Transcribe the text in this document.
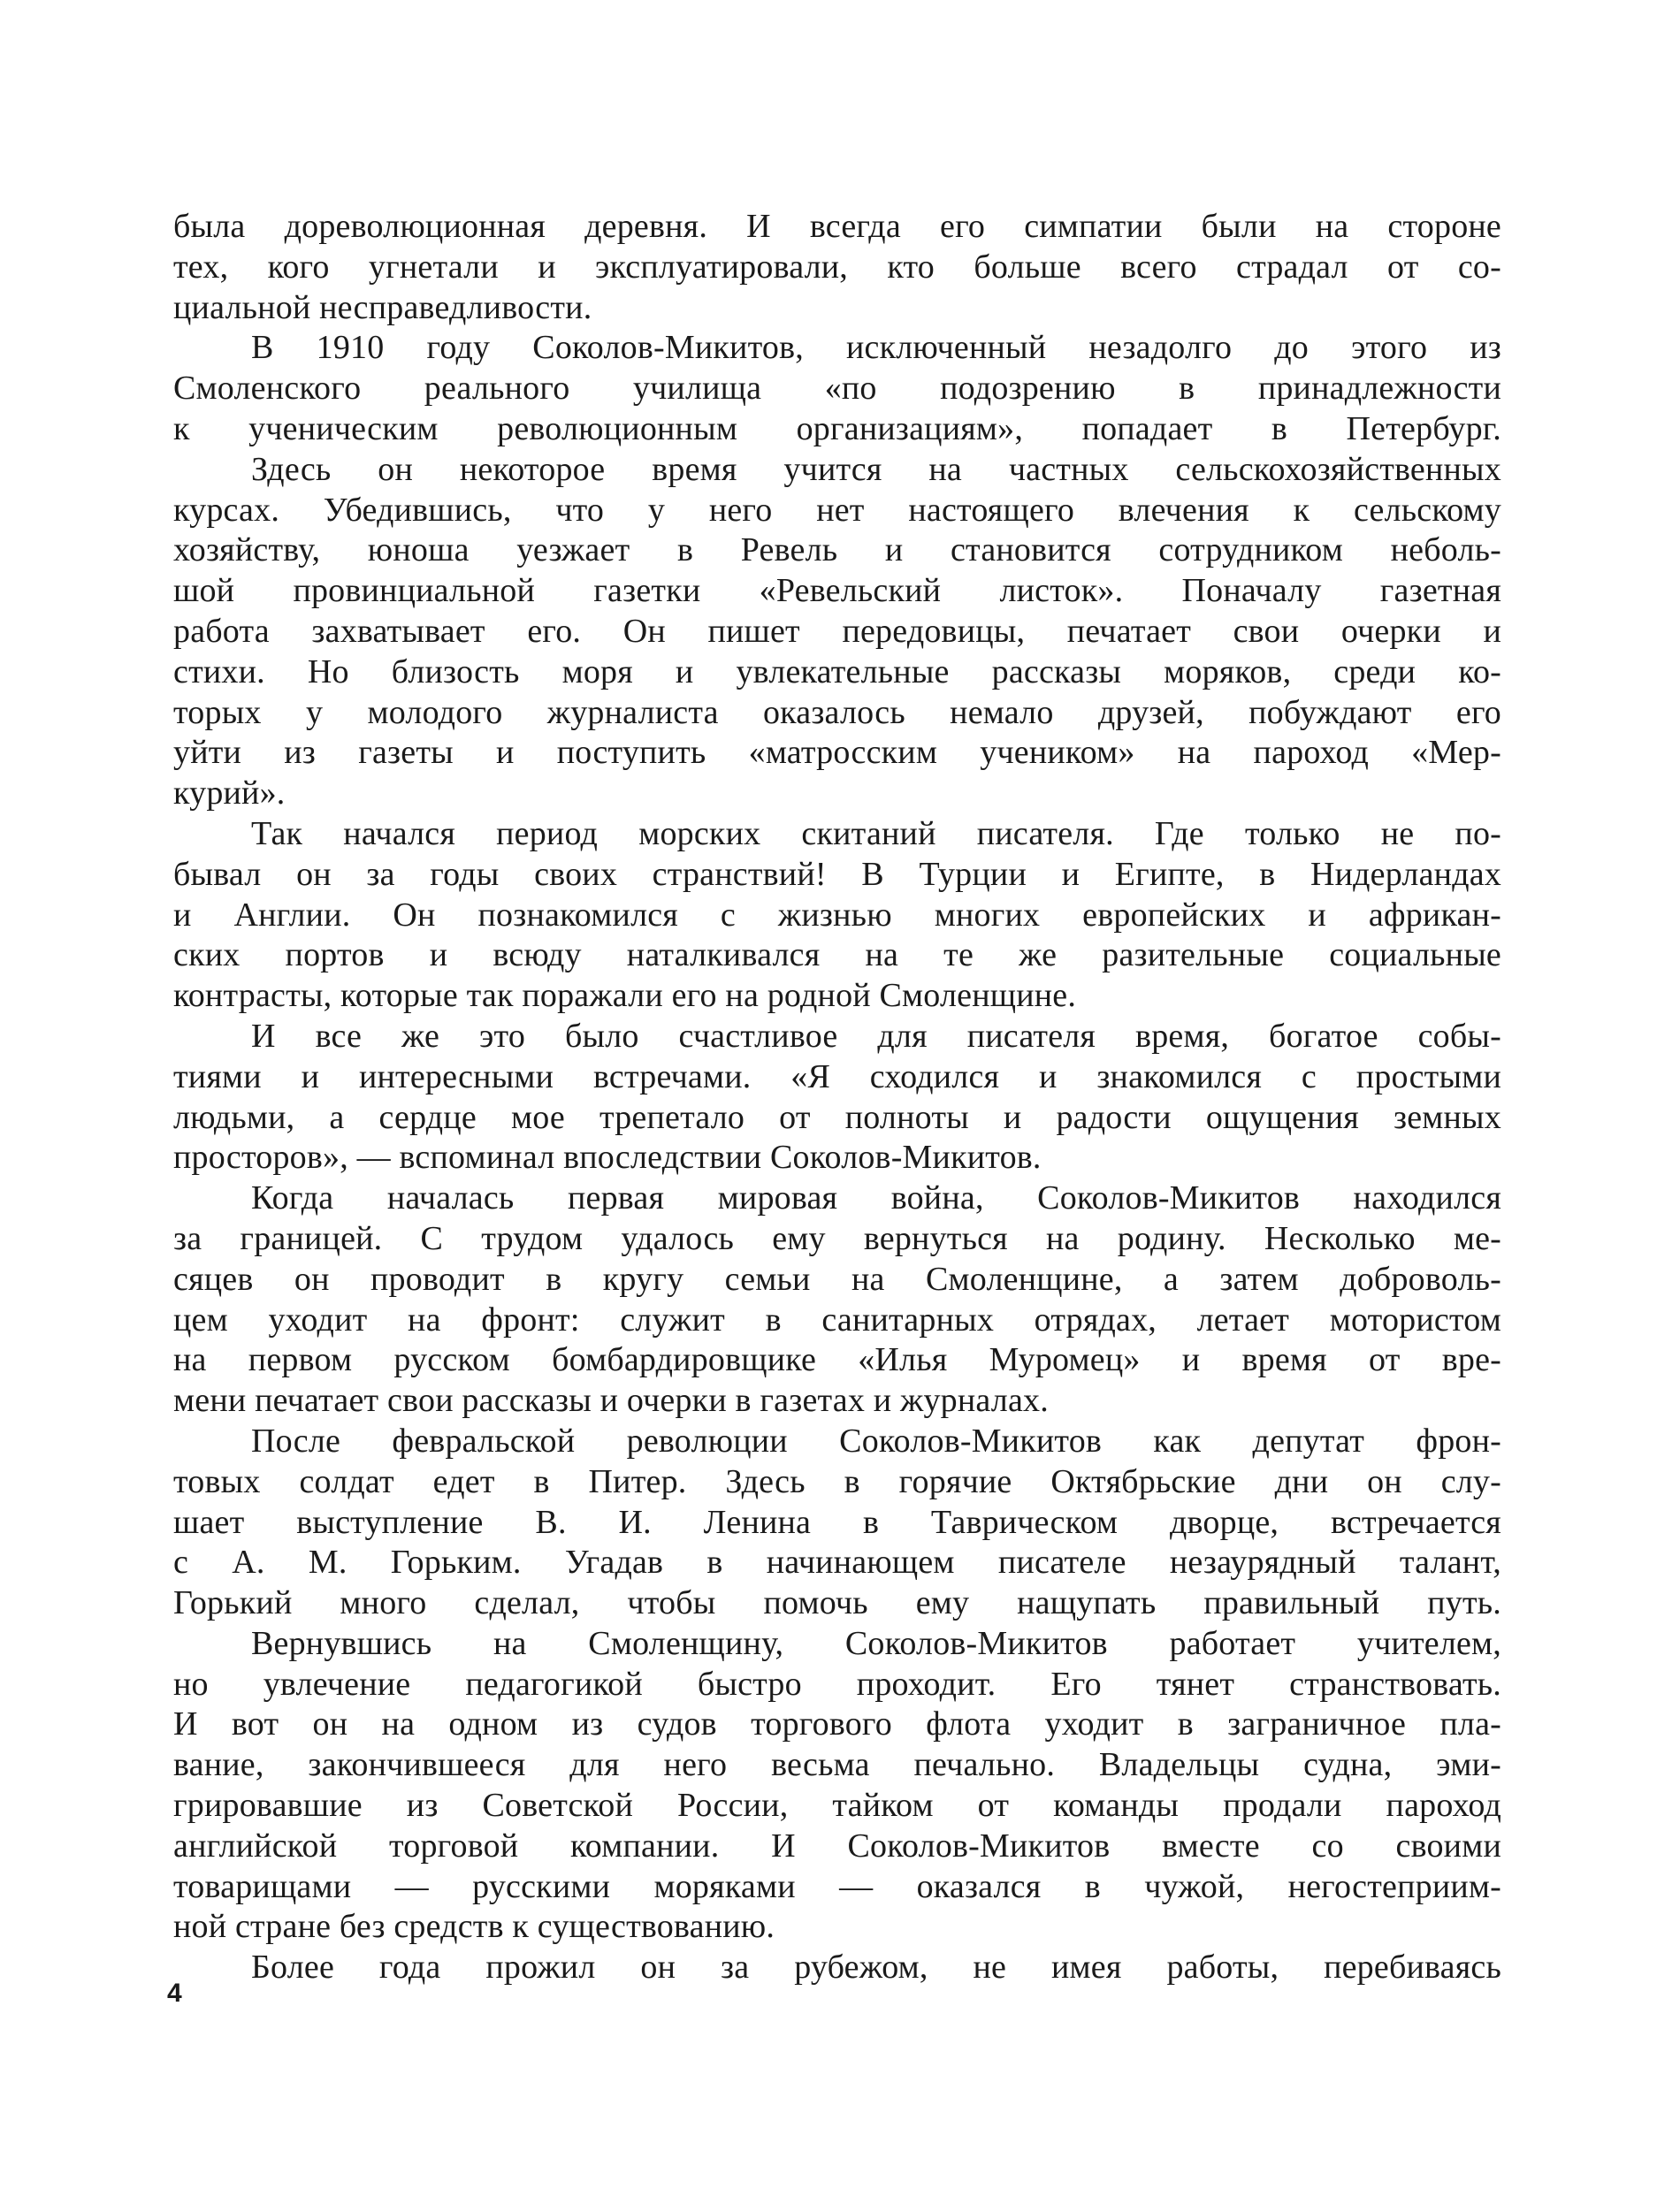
была дореволюционная деревня. И всегда его симпатии были на стороне
тех, кого угнетали и эксплуатировали, кто больше всего страдал от со-
циальной несправедливости.
В 1910 году Соколов-Микитов, исключенный незадолго до этого из
Смоленского реального училища «по подозрению в принадлежности
к ученическим революционным организациям», попадает в Петербург.
Здесь он некоторое время учится на частных сельскохозяйственных
курсах. Убедившись, что у него нет настоящего влечения к сельскому
хозяйству, юноша уезжает в Ревель и становится сотрудником неболь-
шой провинциальной газетки «Ревельский листок». Поначалу газетная
работа захватывает его. Он пишет передовицы, печатает свои очерки и
стихи. Но близость моря и увлекательные рассказы моряков, среди ко-
торых у молодого журналиста оказалось немало друзей, побуждают его
уйти из газеты и поступить «матросским учеником» на пароход «Мер-
курий».
Так начался период морских скитаний писателя. Где только не по-
бывал он за годы своих странствий! В Турции и Египте, в Нидерландах
и Англии. Он познакомился с жизнью многих европейских и африкан-
ских портов и всюду наталкивался на те же разительные социальные
контрасты, которые так поражали его на родной Смоленщине.
И все же это было счастливое для писателя время, богатое собы-
тиями и интересными встречами. «Я сходился и знакомился с простыми
людьми, а сердце мое трепетало от полноты и радости ощущения земных
просторов», — вспоминал впоследствии Соколов-Микитов.
Когда началась первая мировая война, Соколов-Микитов находился
за границей. С трудом удалось ему вернуться на родину. Несколько ме-
сяцев он проводит в кругу семьи на Смоленщине, а затем доброволь-
цем уходит на фронт: служит в санитарных отрядах, летает мотористом
на первом русском бомбардировщике «Илья Муромец» и время от вре-
мени печатает свои рассказы и очерки в газетах и журналах.
После февральской революции Соколов-Микитов как депутат фрон-
товых солдат едет в Питер. Здесь в горячие Октябрьские дни он слу-
шает выступление В. И. Ленина в Таврическом дворце, встречается
с А. М. Горьким. Угадав в начинающем писателе незаурядный талант,
Горький много сделал, чтобы помочь ему нащупать правильный путь.
Вернувшись на Смоленщину, Соколов-Микитов работает учителем,
но увлечение педагогикой быстро проходит. Его тянет странствовать.
И вот он на одном из судов торгового флота уходит в заграничное пла-
вание, закончившееся для него весьма печально. Владельцы судна, эми-
грировавшие из Советской России, тайком от команды продали пароход
английской торговой компании. И Соколов-Микитов вместе со своими
товарищами — русскими моряками — оказался в чужой, негостеприим-
ной стране без средств к существованию.
Более года прожил он за рубежом, не имея работы, перебиваясь
4
